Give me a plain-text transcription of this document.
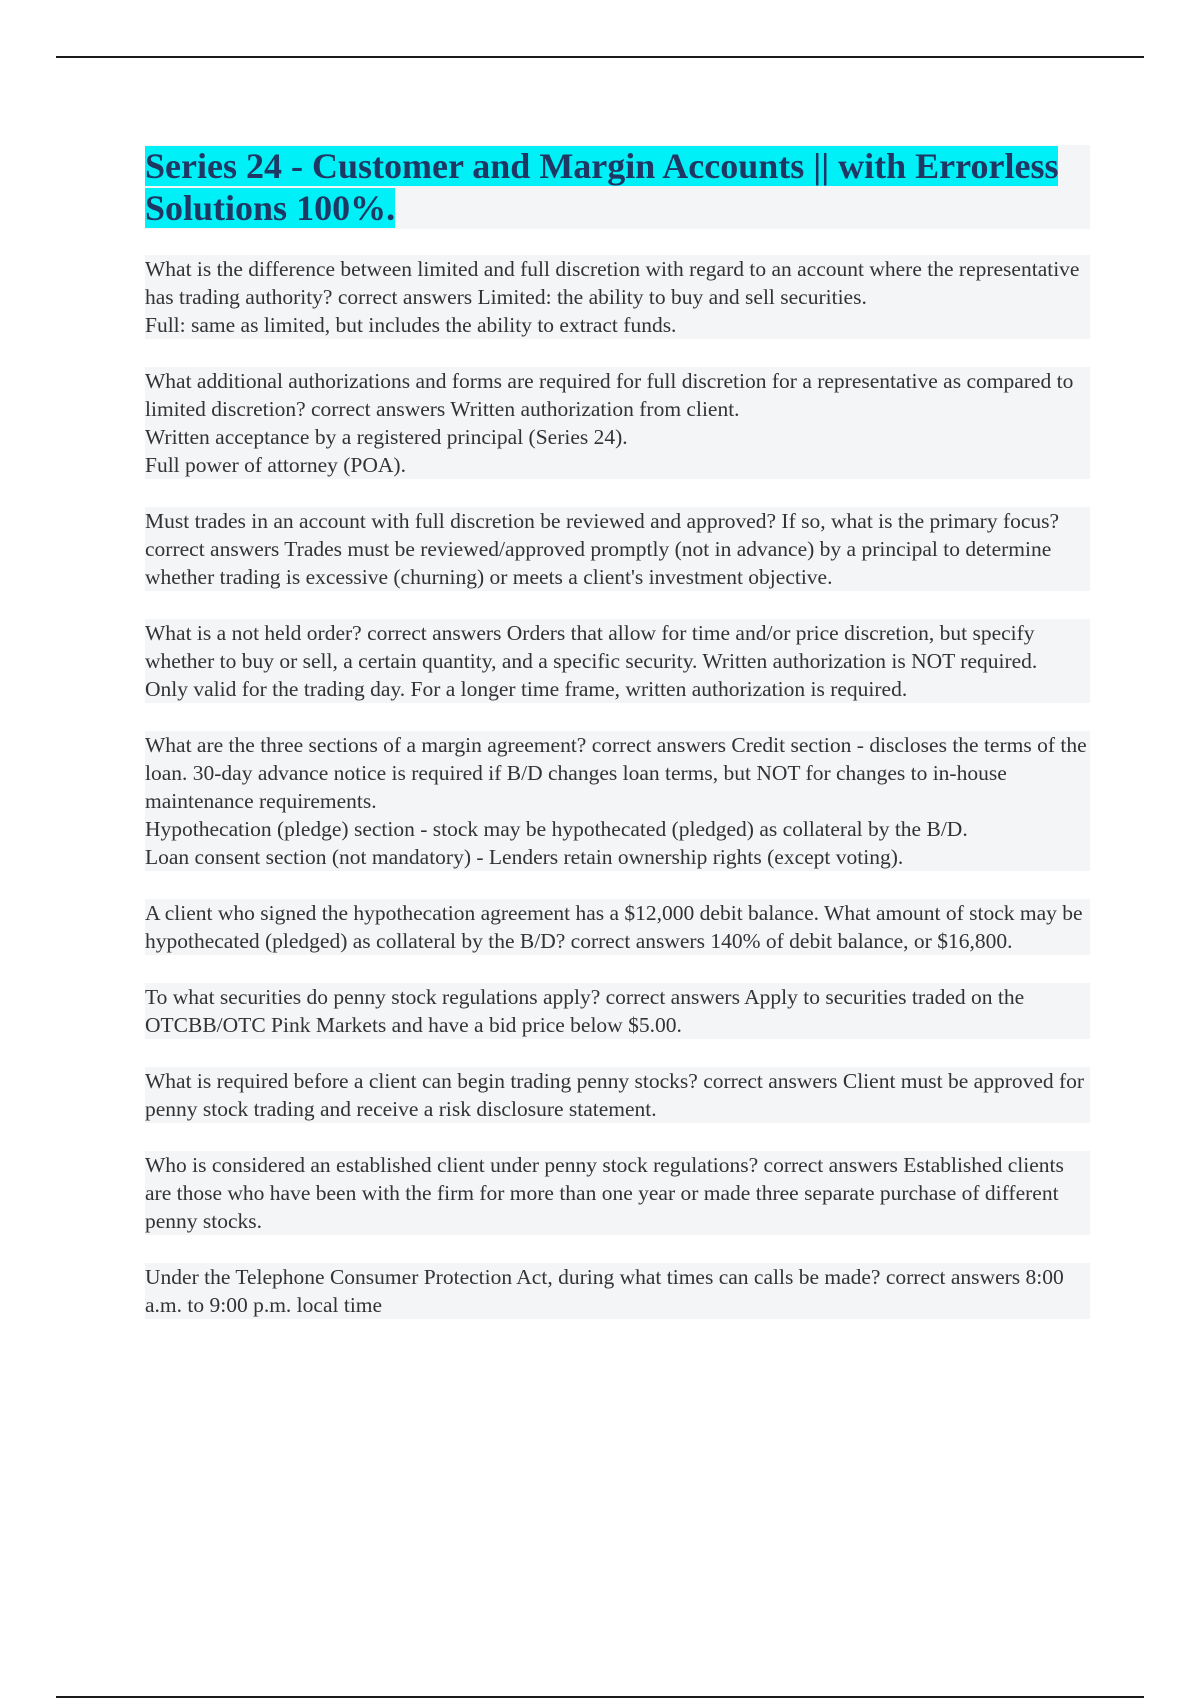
Series 24 - Customer and Margin Accounts || with Errorless Solutions 100%.
What is the difference between limited and full discretion with regard to an account where the representative has trading authority? correct answers Limited: the ability to buy and sell securities.
Full: same as limited, but includes the ability to extract funds.
What additional authorizations and forms are required for full discretion for a representative as compared to limited discretion? correct answers Written authorization from client.
Written acceptance by a registered principal (Series 24).
Full power of attorney (POA).
Must trades in an account with full discretion be reviewed and approved? If so, what is the primary focus? correct answers Trades must be reviewed/approved promptly (not in advance) by a principal to determine whether trading is excessive (churning) or meets a client's investment objective.
What is a not held order? correct answers Orders that allow for time and/or price discretion, but specify whether to buy or sell, a certain quantity, and a specific security. Written authorization is NOT required.
Only valid for the trading day. For a longer time frame, written authorization is required.
What are the three sections of a margin agreement? correct answers Credit section - discloses the terms of the loan. 30-day advance notice is required if B/D changes loan terms, but NOT for changes to in-house maintenance requirements.
Hypothecation (pledge) section - stock may be hypothecated (pledged) as collateral by the B/D.
Loan consent section (not mandatory) - Lenders retain ownership rights (except voting).
A client who signed the hypothecation agreement has a $12,000 debit balance. What amount of stock may be hypothecated (pledged) as collateral by the B/D? correct answers 140% of debit balance, or $16,800.
To what securities do penny stock regulations apply? correct answers Apply to securities traded on the OTCBB/OTC Pink Markets and have a bid price below $5.00.
What is required before a client can begin trading penny stocks? correct answers Client must be approved for penny stock trading and receive a risk disclosure statement.
Who is considered an established client under penny stock regulations? correct answers Established clients are those who have been with the firm for more than one year or made three separate purchase of different penny stocks.
Under the Telephone Consumer Protection Act, during what times can calls be made? correct answers 8:00 a.m. to 9:00 p.m. local time
